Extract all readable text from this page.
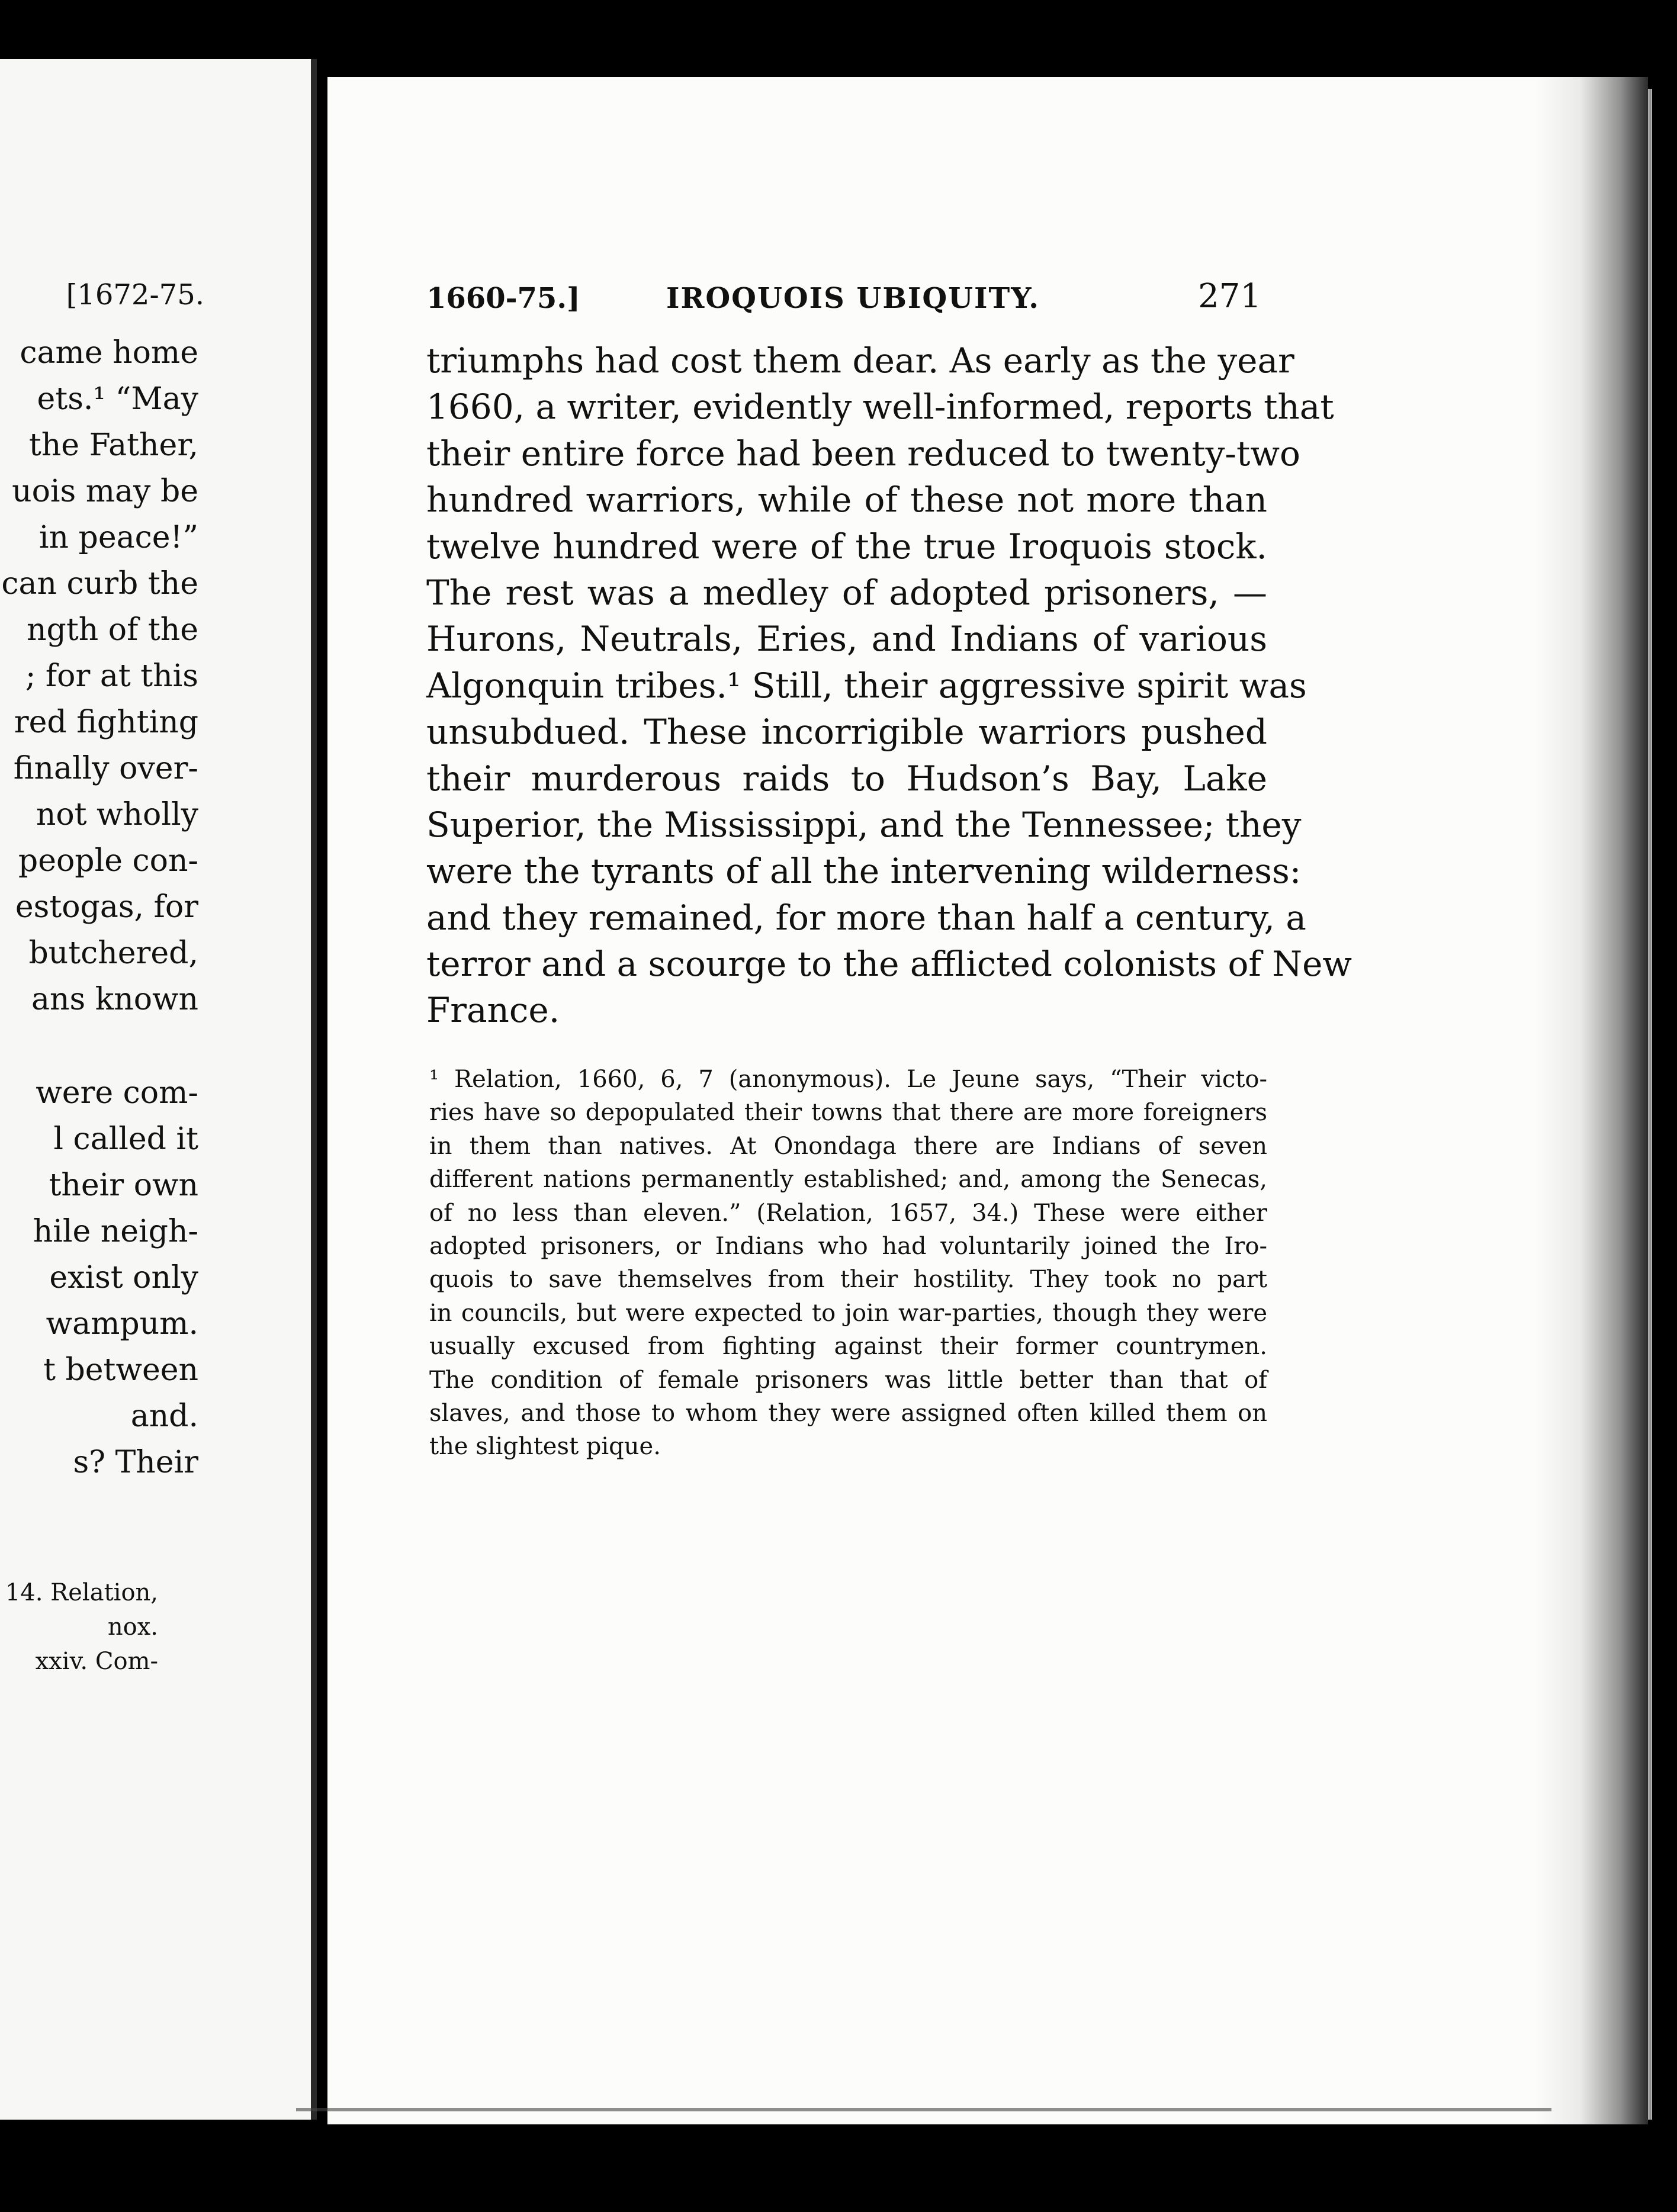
[1672-75.
came home
ets.¹ “May
the Father,
uois may be
in peace!”
can curb the
ngth of the
; for at this
red fighting
finally over-
not wholly
people con-
estogas, for
butchered,
ans known
were com-
l called it
their own
hile neigh-
exist only
wampum.
t between
and.
s? Their
14. Relation,
nox.
xxiv. Com-
1660-75.]	IROQUOIS UBIQUITY.	271
triumphs had cost them dear. As early as the year
1660, a writer, evidently well-informed, reports that
their entire force had been reduced to twenty-two
hundred warriors, while of these not more than
twelve hundred were of the true Iroquois stock.
The rest was a medley of adopted prisoners, —
Hurons, Neutrals, Eries, and Indians of various
Algonquin tribes.¹ Still, their aggressive spirit was
unsubdued. These incorrigible warriors pushed
their murderous raids to Hudson’s Bay, Lake
Superior, the Mississippi, and the Tennessee; they
were the tyrants of all the intervening wilderness:
and they remained, for more than half a century, a
terror and a scourge to the afflicted colonists of New
France.
¹ Relation, 1660, 6, 7 (anonymous). Le Jeune says, “Their victo-
ries have so depopulated their towns that there are more foreigners
in them than natives. At Onondaga there are Indians of seven
different nations permanently established; and, among the Senecas,
of no less than eleven.” (Relation, 1657, 34.) These were either
adopted prisoners, or Indians who had voluntarily joined the Iro-
quois to save themselves from their hostility. They took no part
in councils, but were expected to join war-parties, though they were
usually excused from fighting against their former countrymen.
The condition of female prisoners was little better than that of
slaves, and those to whom they were assigned often killed them on
the slightest pique.
